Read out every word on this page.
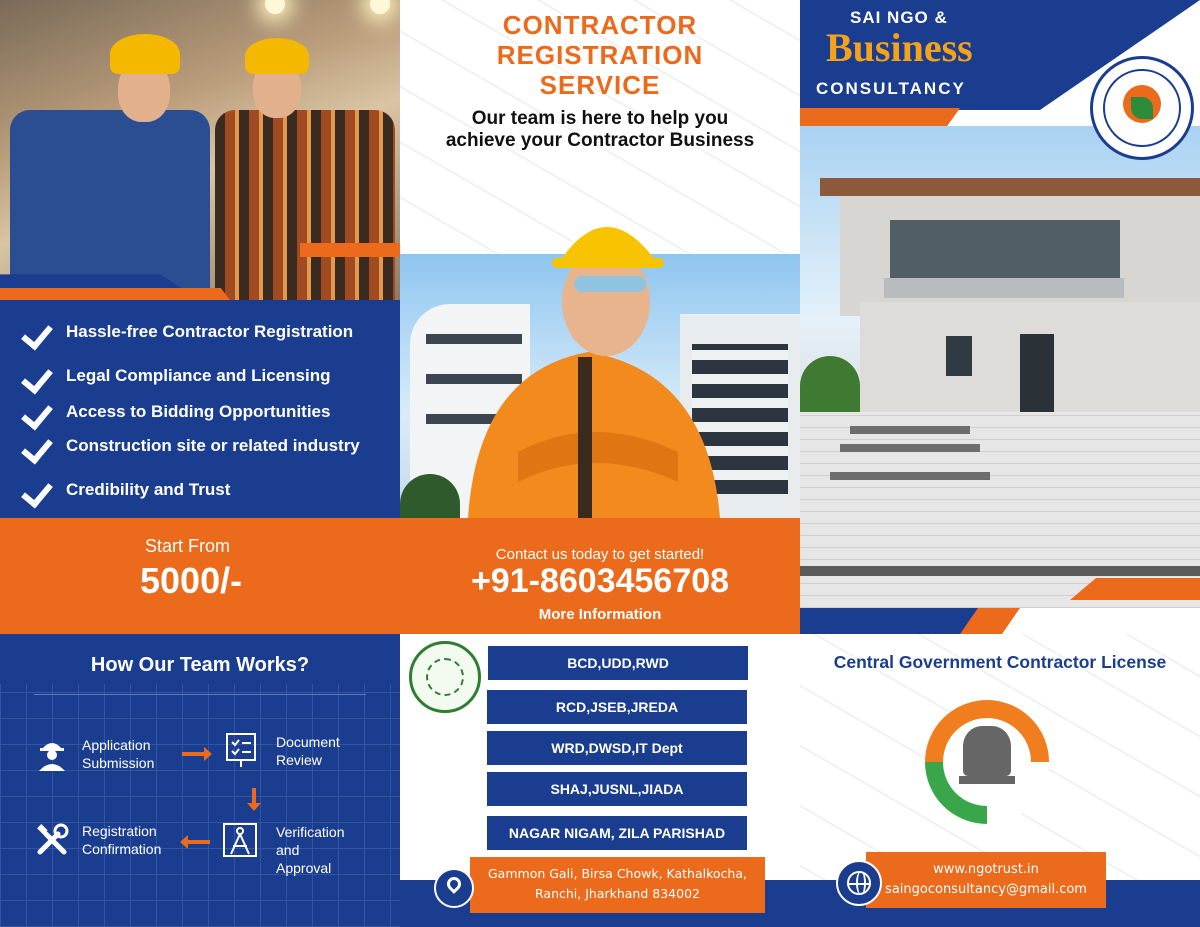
Hassle-free Contractor Registration
Legal Compliance and Licensing
Access to Bidding Opportunities
Construction site or related industry
Credibility and Trust
Start From
5000/-
How Our Team Works?
Application
Submission
Document
Review
Verification
and
Approval
Registration
Confirmation
CONTRACTOR
REGISTRATION
SERVICE
Our team is here to help you achieve your Contractor Business
Contact us today to get started!
+91-8603456708
More Information
BCD,UDD,RWD
RCD,JSEB,JREDA
WRD,DWSD,IT Dept
SHAJ,JUSNL,JIADA
NAGAR NIGAM, ZILA PARISHAD
Gammon Gali, Birsa Chowk, Kathalkocha,
Ranchi, Jharkhand 834002
SAI NGO &
Business
CONSULTANCY
Central Government Contractor License
www.ngotrust.in
saingoconsultancy@gmail.com
